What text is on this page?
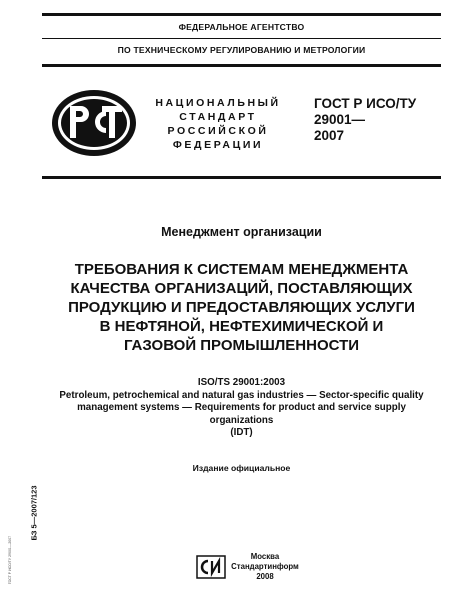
ФЕДЕРАЛЬНОЕ АГЕНТСТВО
ПО ТЕХНИЧЕСКОМУ РЕГУЛИРОВАНИЮ И МЕТРОЛОГИИ
НАЦИОНАЛЬНЫЙ
СТАНДАРТ
РОССИЙСКОЙ
ФЕДЕРАЦИИ
ГОСТ Р ИСО/ТУ
29001—
2007
Менеджмент организации
ТРЕБОВАНИЯ К СИСТЕМАМ МЕНЕДЖМЕНТА
КАЧЕСТВА ОРГАНИЗАЦИЙ, ПОСТАВЛЯЮЩИХ
ПРОДУКЦИЮ И ПРЕДОСТАВЛЯЮЩИХ УСЛУГИ
В НЕФТЯНОЙ, НЕФТЕХИМИЧЕСКОЙ И
ГАЗОВОЙ ПРОМЫШЛЕННОСТИ
ISO/TS 29001:2003
Petroleum, petrochemical and natural gas industries — Sector-specific quality
management systems — Requirements for product and service supply
organizations
(IDT)
Издание официальное
БЗ 5—2007/123
ГОСТ Р ИСО/ТУ 29001—2007	Москва
Стандартинформ
2008
